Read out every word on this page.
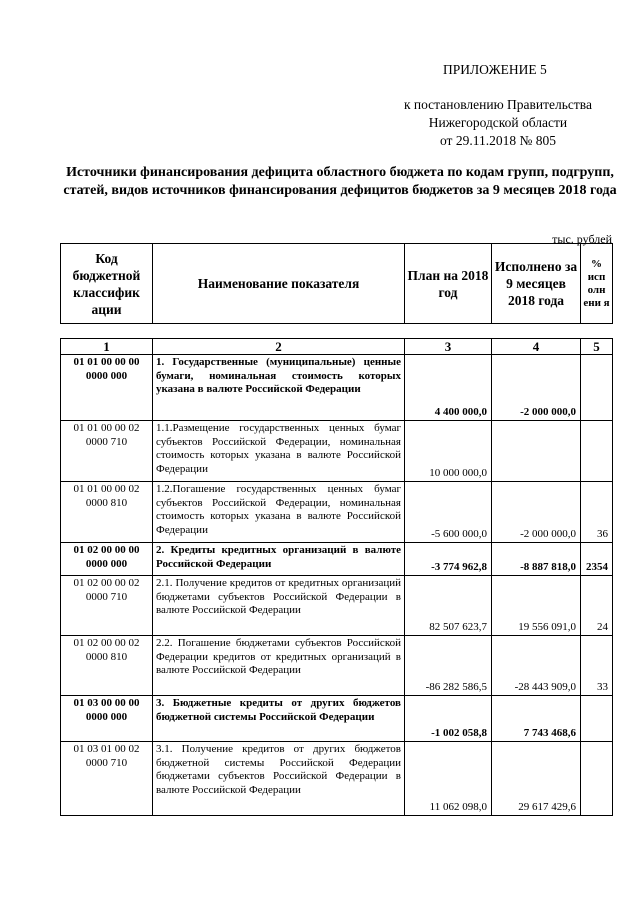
ПРИЛОЖЕНИЕ 5
к постановлению Правительства
Нижегородской области
от 29.11.2018 № 805
Источники финансирования дефицита областного бюджета по кодам групп, подгрупп, статей, видов источников финансирования дефицитов бюджетов за 9 месяцев 2018 года
тыс. рублей
Код бюджетной классифик ации	Наименование показателя	План на 2018 год	Исполнено за 9 месяцев 2018 года	% исп олн ени я
1	2	3	4	5
01 01 00 00 00 0000 000	1. Государственные (муниципальные) ценные бумаги, номинальная стоимость которых указана в валюте Российской Федерации	4 400 000,0	-2 000 000,0	
01 01 00 00 02 0000 710	1.1.Размещение государственных ценных бумаг субъектов Российской Федерации, номинальная стоимость которых указана в валюте Российской Федерации	10 000 000,0		
01 01 00 00 02 0000 810	1.2.Погашение государственных ценных бумаг субъектов Российской Федерации, номинальная стоимость которых указана в валюте Российской Федерации	-5 600 000,0	-2 000 000,0	36
01 02 00 00 00 0000 000	2. Кредиты кредитных организаций в валюте Российской Федерации	-3 774 962,8	-8 887 818,0	2354
01 02 00 00 02 0000 710	2.1. Получение кредитов от кредитных организаций бюджетами субъектов Российской Федерации в валюте Российской Федерации	82 507 623,7	19 556 091,0	24
01 02 00 00 02 0000 810	2.2. Погашение бюджетами субъектов Российской Федерации кредитов от кредитных организаций в валюте Российской Федерации	-86 282 586,5	-28 443 909,0	33
01 03 00 00 00 0000 000	3. Бюджетные кредиты от других бюджетов бюджетной системы Российской Федерации	-1 002 058,8	7 743 468,6	
01 03 01 00 02 0000 710	3.1. Получение кредитов от других бюджетов бюджетной системы Российской Федерации бюджетами субъектов Российской Федерации в валюте Российской Федерации	11 062 098,0	29 617 429,6	
